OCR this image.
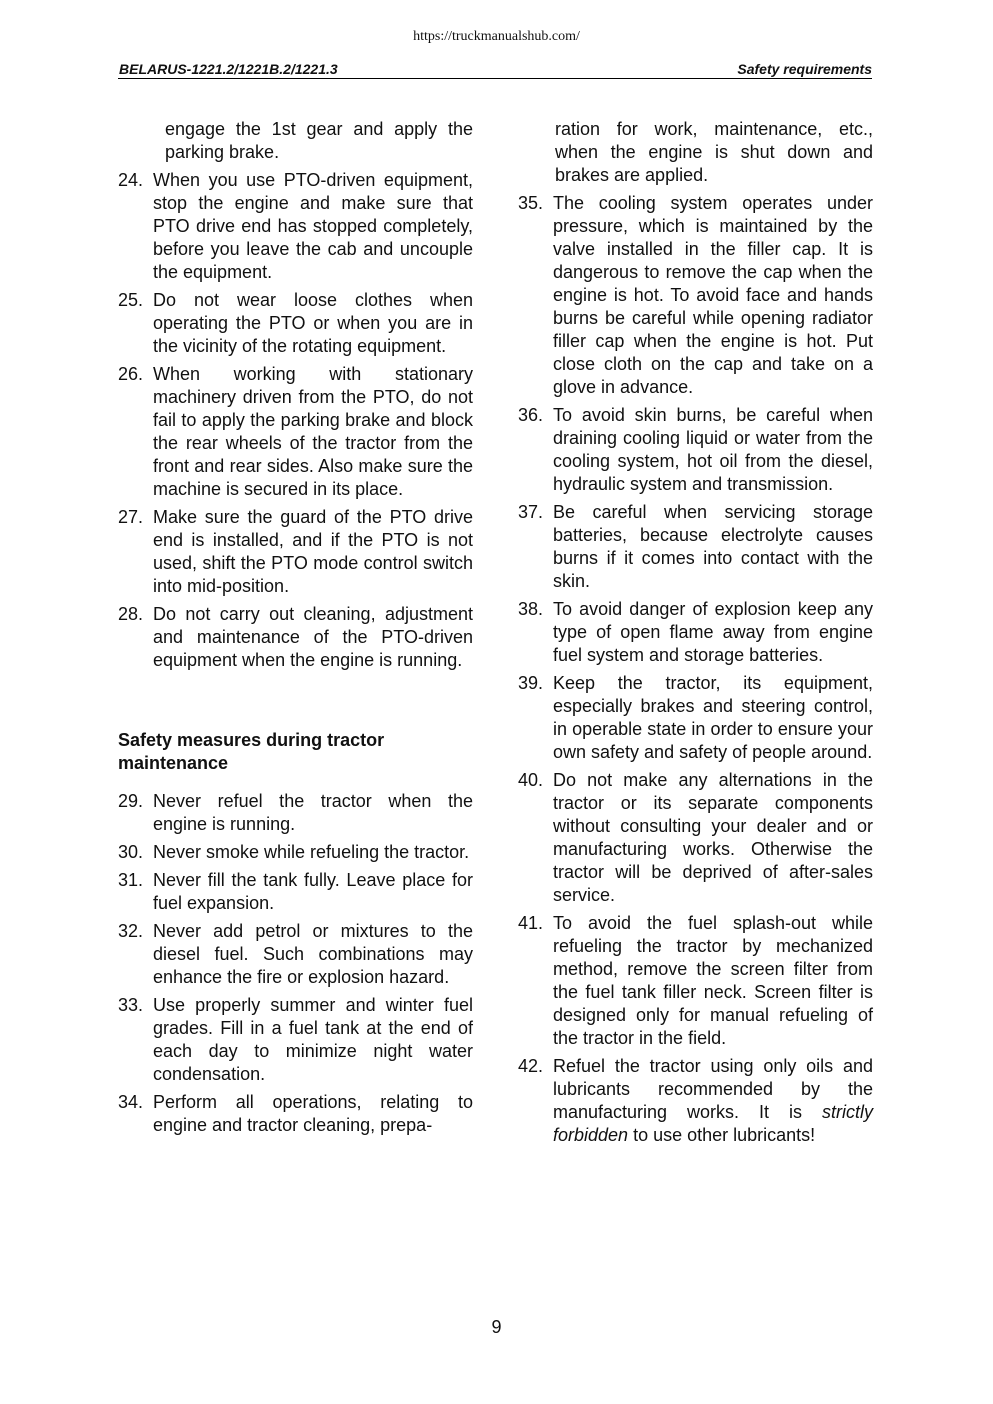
https://truckmanualshub.com/
BELARUS-1221.2/1221B.2/1221.3	Safety requirements
engage the 1st gear and apply the parking brake.
24. When you use PTO-driven equipment, stop the engine and make sure that PTO drive end has stopped completely, before you leave the cab and uncouple the equipment.
25. Do not wear loose clothes when operating the PTO or when you are in the vicinity of the rotating equipment.
26. When working with stationary machinery driven from the PTO, do not fail to apply the parking brake and block the rear wheels of the tractor from the front and rear sides. Also make sure the machine is secured in its place.
27. Make sure the guard of the PTO drive end is installed, and if the PTO is not used, shift the PTO mode control switch into mid-position.
28. Do not carry out cleaning, adjustment and maintenance of the PTO-driven equipment when the engine is running.
Safety measures during tractor maintenance
29. Never refuel the tractor when the engine is running.
30. Never smoke while refueling the tractor.
31. Never fill the tank fully. Leave place for fuel expansion.
32. Never add petrol or mixtures to the diesel fuel. Such combinations may enhance the fire or explosion hazard.
33. Use properly summer and winter fuel grades. Fill in a fuel tank at the end of each day to minimize night water condensation.
34. Perform all operations, relating to engine and tractor cleaning, prepa-
ration for work, maintenance, etc., when the engine is shut down and brakes are applied.
35. The cooling system operates under pressure, which is maintained by the valve installed in the filler cap. It is dangerous to remove the cap when the engine is hot. To avoid face and hands burns be careful while opening radiator filler cap when the engine is hot. Put close cloth on the cap and take on a glove in advance.
36. To avoid skin burns, be careful when draining cooling liquid or water from the cooling system, hot oil from the diesel, hydraulic system and transmission.
37. Be careful when servicing storage batteries, because electrolyte causes burns if it comes into contact with the skin.
38. To avoid danger of explosion keep any type of open flame away from engine fuel system and storage batteries.
39. Keep the tractor, its equipment, especially brakes and steering control, in operable state in order to ensure your own safety and safety of people around.
40. Do not make any alternations in the tractor or its separate components without consulting your dealer and or manufacturing works. Otherwise the tractor will be deprived of after-sales service.
41. To avoid the fuel splash-out while refueling the tractor by mechanized method, remove the screen filter from the fuel tank filler neck. Screen filter is designed only for manual refueling of the tractor in the field.
42. Refuel the tractor using only oils and lubricants recommended by the manufacturing works. It is strictly forbidden to use other lubricants!
9
